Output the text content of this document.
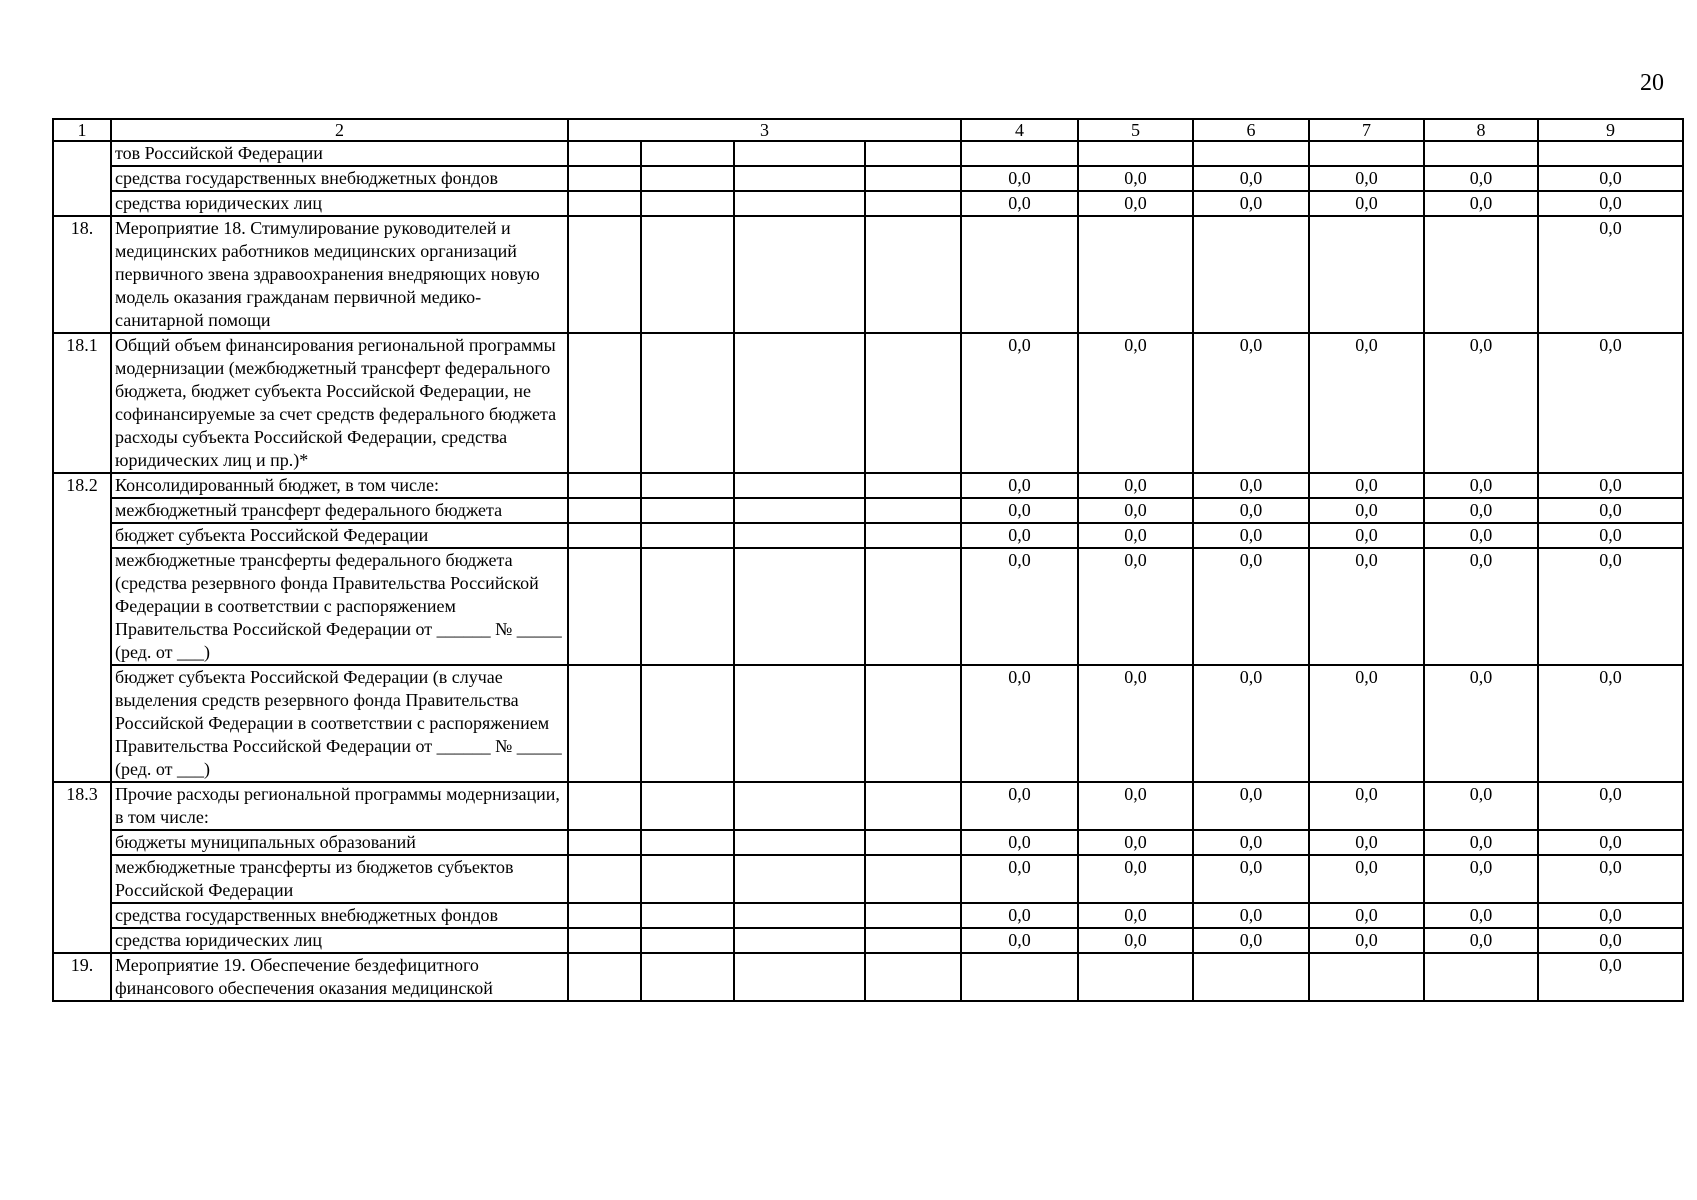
20
1	2	3				4	5	6	7	8	9
	тов Российской Федерации										
	средства государственных внебюджетных фондов					0,0	0,0	0,0	0,0	0,0	0,0
	средства юридических лиц					0,0	0,0	0,0	0,0	0,0	0,0
18.	Мероприятие 18. Стимулирование руководителей и медицинских работников медицинских организаций первичного звена здравоохранения внедряющих новую модель оказания гражданам первичной медико-санитарной помощи										0,0
18.1	Общий объем финансирования региональной программы модернизации (межбюджетный трансферт федерального бюджета, бюджет субъекта Российской Федерации, не софинансируемые за счет средств федерального бюджета расходы субъекта Российской Федерации, средства юридических лиц и пр.)*					0,0	0,0	0,0	0,0	0,0	0,0
18.2	Консолидированный бюджет, в том числе:					0,0	0,0	0,0	0,0	0,0	0,0
	межбюджетный трансферт федерального бюджета					0,0	0,0	0,0	0,0	0,0	0,0
	бюджет субъекта Российской Федерации					0,0	0,0	0,0	0,0	0,0	0,0
	межбюджетные трансферты федерального бюджета (средства резервного фонда Правительства Российской Федерации в соответствии с распоряжением Правительства Российской Федерации от ______ № _____ (ред. от ___)					0,0	0,0	0,0	0,0	0,0	0,0
	бюджет субъекта Российской Федерации (в случае выделения средств резервного фонда Правительства Российской Федерации в соответствии с распоряжением Правительства Российской Федерации от ______ № _____ (ред. от ___)					0,0	0,0	0,0	0,0	0,0	0,0
18.3	Прочие расходы региональной программы модернизации, в том числе:					0,0	0,0	0,0	0,0	0,0	0,0
	бюджеты муниципальных образований					0,0	0,0	0,0	0,0	0,0	0,0
	межбюджетные трансферты из бюджетов субъектов Российской Федерации					0,0	0,0	0,0	0,0	0,0	0,0
	средства государственных внебюджетных фондов					0,0	0,0	0,0	0,0	0,0	0,0
	средства юридических лиц					0,0	0,0	0,0	0,0	0,0	0,0
19.	Мероприятие 19. Обеспечение бездефицитного финансового обеспечения оказания медицинской										0,0
